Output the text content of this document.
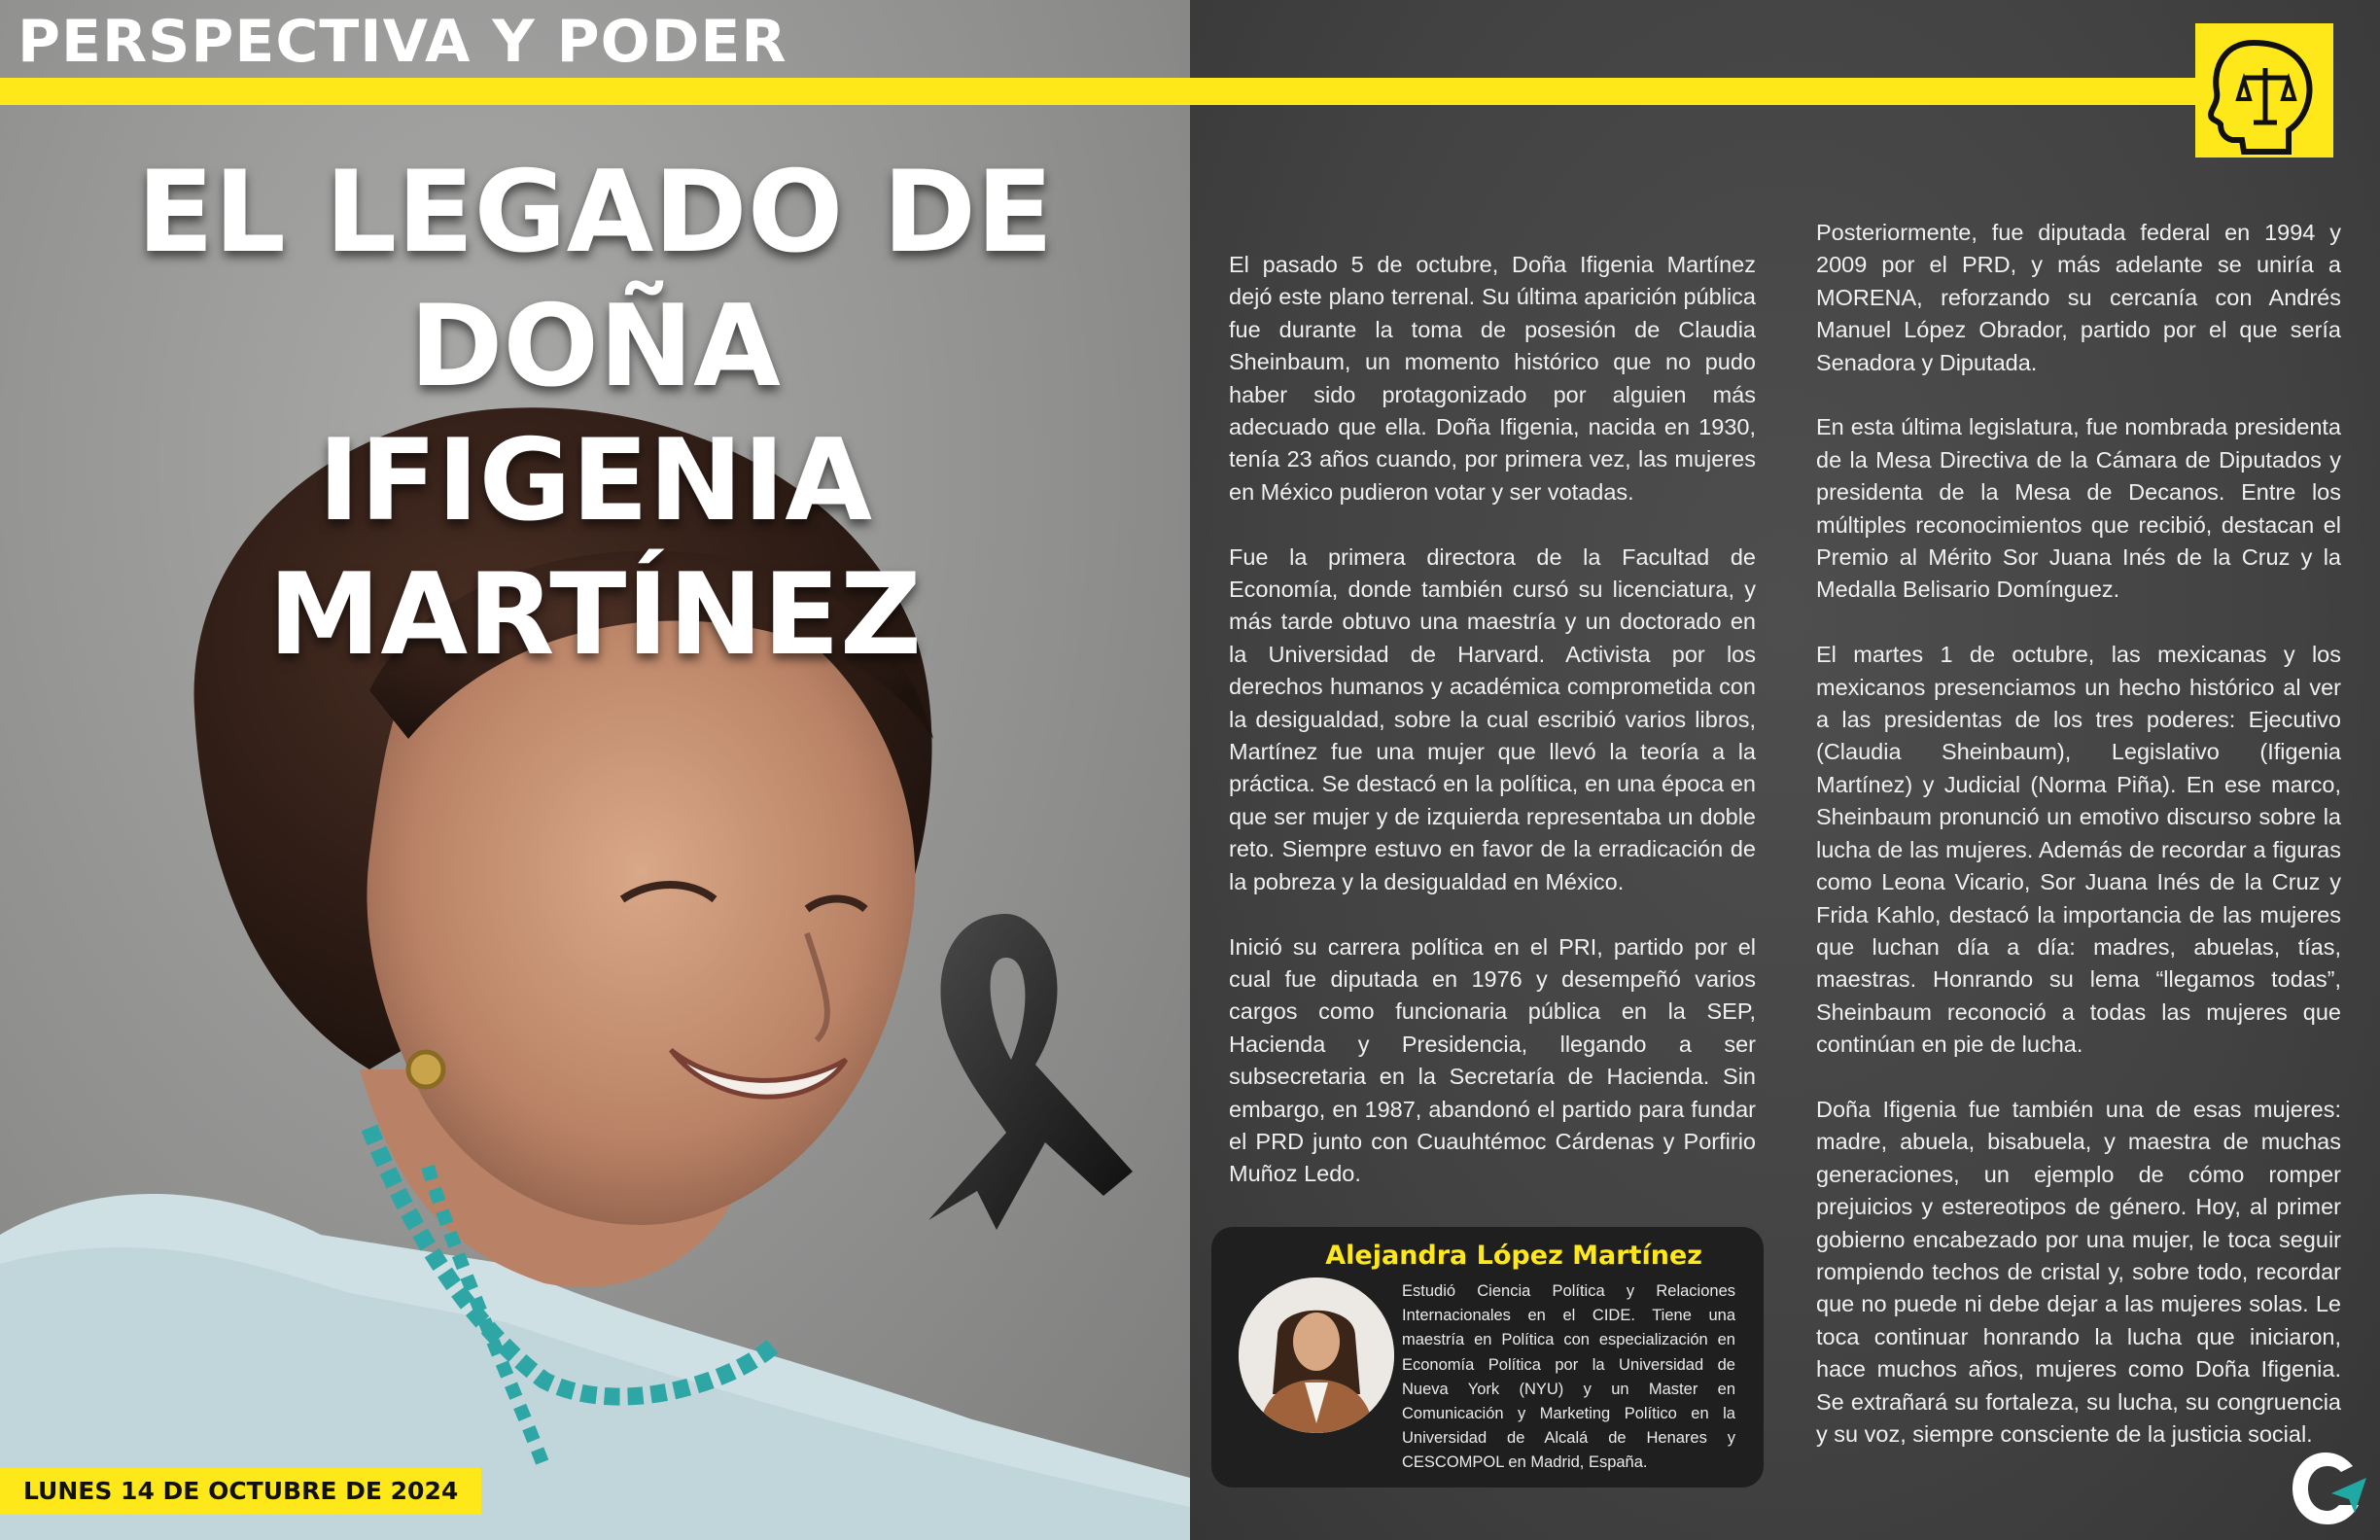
PERSPECTIVA Y PODER
EL LEGADO DE DOÑA
IFIGENIA MARTÍNEZ
LUNES 14 DE OCTUBRE DE 2024

El pasado 5 de octubre, Doña Ifigenia Martínez dejó este plano terrenal. Su última aparición pública fue durante la toma de posesión de Claudia Sheinbaum, un momento histórico que no pudo haber sido protagonizado por alguien más adecuado que ella. Doña Ifigenia, nacida en 1930, tenía 23 años cuando, por primera vez, las mujeres en México pudieron votar y ser votadas.

Fue la primera directora de la Facultad de Economía, donde también cursó su licenciatura, y más tarde obtuvo una maestría y un doctorado en la Universidad de Harvard. Activista por los derechos humanos y académica comprometida con la desigualdad, sobre la cual escribió varios libros, Martínez fue una mujer que llevó la teoría a la práctica. Se destacó en la política, en una época en que ser mujer y de izquierda representaba un doble reto. Siempre estuvo en favor de la erradicación de la pobreza y la desigualdad en México.

Inició su carrera política en el PRI, partido por el cual fue diputada en 1976 y desempeñó varios cargos como funcionaria pública en la SEP, Hacienda y Presidencia, llegando a ser subsecretaria en la Secretaría de Hacienda. Sin embargo, en 1987, abandonó el partido para fundar el PRD junto con Cuauhtémoc Cárdenas y Porfirio Muñoz Ledo.

Posteriormente, fue diputada federal en 1994 y 2009 por el PRD, y más adelante se uniría a MORENA, reforzando su cercanía con Andrés Manuel López Obrador, partido por el que sería Senadora y Diputada.

En esta última legislatura, fue nombrada presidenta de la Mesa Directiva de la Cámara de Diputados y presidenta de la Mesa de Decanos. Entre los múltiples reconocimientos que recibió, destacan el Premio al Mérito Sor Juana Inés de la Cruz y la Medalla Belisario Domínguez.

El martes 1 de octubre, las mexicanas y los mexicanos presenciamos un hecho histórico al ver a las presidentas de los tres poderes: Ejecutivo (Claudia Sheinbaum), Legislativo (Ifigenia Martínez) y Judicial (Norma Piña). En ese marco, Sheinbaum pronunció un emotivo discurso sobre la lucha de las mujeres. Además de recordar a figuras como Leona Vicario, Sor Juana Inés de la Cruz y Frida Kahlo, destacó la importancia de las mujeres que luchan día a día: madres, abuelas, tías, maestras. Honrando su lema “llegamos todas”, Sheinbaum reconoció a todas las mujeres que continúan en pie de lucha.

Doña Ifigenia fue también una de esas mujeres: madre, abuela, bisabuela, y maestra de muchas generaciones, un ejemplo de cómo romper prejuicios y estereotipos de género. Hoy, al primer gobierno encabezado por una mujer, le toca seguir rompiendo techos de cristal y, sobre todo, recordar que no puede ni debe dejar a las mujeres solas. Le toca continuar honrando la lucha que iniciaron, hace muchos años, mujeres como Doña Ifigenia. Se extrañará su fortaleza, su lucha, su congruencia y su voz, siempre consciente de la justicia social.

Alejandra López Martínez
Estudió Ciencia Política y Relaciones Internacionales en el CIDE. Tiene una maestría en Política con especialización en Economía Política por la Universidad de Nueva York (NYU) y un Master en Comunicación y Marketing Político en la Universidad de Alcalá de Henares y CESCOMPOL en Madrid, España.
